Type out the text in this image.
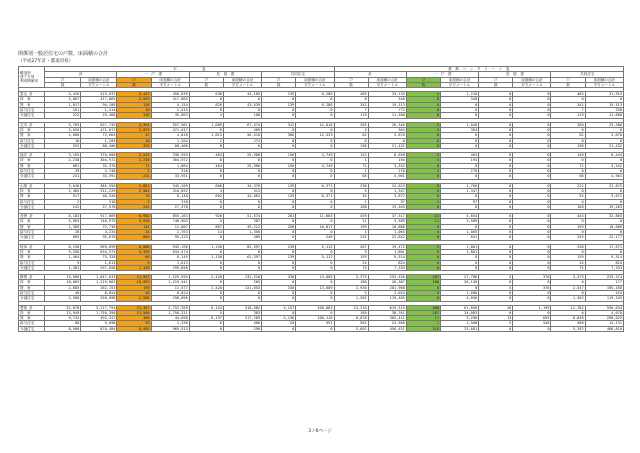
関係別一般居住宅の戸数、床面積の合計
（平成27年計・都道府県）
構造別
建て方別
利用関係別	木　　　　　　　 造								鉄　筋　コ　ン　ク　リ　ー　ト　造							
	計		一　戸　建		長　屋　建		共同住宅		計		一　戸　建		長　屋　建		共同住宅	
	戸	床面積の合計	戸	床面積の合計	戸	床面積の合計	戸	床面積の合計	戸	床面積の合計	戸	床面積の合計	戸	床面積の合計	戸	床面積の合計
	数	平方メートル	数	平方メートル	数	平方メートル	数	平方メートル	数	平方メートル	数	平方メートル	数	平方メートル	数	平方メートル

富山 計	4,416	519,037	3,447	456,839	630	44,105	139	6,286	469	33,133	4	1,210	0	0	465	31,915
持　家	3,067	417,865	3,059	417,865	0	0	0	0	8	348	8	348	0	0	0	0
貸　家	1,017	94,109	126	4,154	826	43,539	139	6,286	342	19,513	0	0	0	0	342	19,513
給与住宅	101	1,414	10	1,414	0	0	0	0	7	772	0	0	0	0	7	330
分譲住宅	222	25,468	318	35,803	4	108	0	0	119	11,500	0	0	0	0	119	11,600

石川 計	5,765	627,745	4,364	557,961	1,089	67,474	312	12,810	265	26,346	5	1,046	0	0	260	25,300
持　家	3,035	471,017	3,029	471,017	0	409	0	0	4	364	4	364	0	0	0	0
貸　家	1,600	72,664	47	4,818	1,015	56,518	306	12,333	62	3,670	0	0	0	0	62	3,670
給与住宅	16	1,204	10	1,204	2	274	0	0	0	0	0	0	0	0	0	0
分譲住宅	325	80,406	325	80,406	0	0	0	0	198	21,432	0	0	0	0	198	21,432

福井 計	3,165	370,680	2,525	336,955	484	25,986	156	4,749	142	8,658	3	464	0	0	140	8,444
持　家	2,230	304,972	2,230	304,972	0	0	0	0	1	194	1	194	0	0	0	0
貸　家	681	32,376	71	1,664	464	25,986	156	4,749	72	3,542	0	0	0	0	72	3,542
給与住宅	29	2,740	2	318	0	0	0	0	1	270	1	270	0	0	0	0
分譲住宅	241	33,591	241	33,591	0	0	0	0	68	4,901	0	0	0	0	68	4,901

山梨 計	3,646	385,956	2,861	345,209	606	34,376	139	6,371	230	24,623	8	1,760	0	0	222	22,875
持　家	2,485	311,229	2,581	310,852	4	313	0	0	5	1,347	5	1,347	0	0	0	0
貸　家	917	46,526	70	6,148	602	34,063	139	6,371	54	3,672	0	0	0	0	54	3,672
給与住宅	2	318	2	318	0	0	0	0	1	97	1	97	0	0	0	0
分譲住宅	242	27,578	242	27,578	0	0	0	0	168	19,203	0	0	0	0	168	19,203

長野 計	8,183	917,869	6,982	855,163	920	51,574	281	11,063	459	37,517	15	4,654	0	0	444	32,863
持　家	5,963	748,975	5,958	748,903	5	387	0	0	11	3,589	11	3,589	0	0	0	0
貸　家	1,389	72,736	154	12,807	867	49,212	258	10,817	199	10,686	0	0	0	0	199	10,686
給与住宅	26	4,234	14	2,763	14	1,350	0	0	4	1,065	4	1,065	0	0	0	0
分譲住宅	805	95,870	805	95,223	0	489	6	246	245	22,842	0	841	0	0	245	22,177

岐阜 計	8,150	969,699	6,880	942,190	1,150	82,597	139	5,112	267	19,472	9	1,801	0	0	258	17,671
持　家	5,356	634,574	5,356	634,574	0	0	0	0	9	1,801	9	1,801	0	0	0	0
貸　家	1,404	75,328	66	6,145	1,150	62,397	139	5,112	159	9,514	0	0	0	0	159	9,514
給与住宅	9	1,613	9	1,613	0	0	0	0	24	824	0	0	0	0	24	824
分譲住宅	1,381	297,858	1,449	299,858	0	0	0	0	75	7,333	0	0	0	0	75	7,333

静岡 計	15,566	1,647,033	12,957	1,529,594	2,420	132,210	330	13,809	3,375	253,536	107	27,786	5	376	3,373	225,374
持　家	10,063	1,219,662	10,063	1,219,441	0	265	0	0	180	26,307	180	26,130	0	0	0	177
貸　家	2,885	162,151	199	11,577	2,420	121,653	330	13,809	2,930	201,968	0	0	5	376	2,557	195,458
給与住宅	40	6,024	40	6,024	0	0	0	0	5	2,024	5	1,600	0	0	0	424
分譲住宅	2,588	258,098	2,588	258,098	0	0	0	0	1,303	119,485	0	4,056	0	0	1,303	119,345

愛知 計	32,678	3,117,794	23,367	2,752,359	6,154	318,582	3,157	100,883	13,210	619,515	408	61,856	18	1,195	12,782	556,634
持　家	13,949	1,750,390	13,908	1,750,311	5	383	0	0	189	38,761	187	34,083	0	0	0	4,678
貸　家	9,732	492,347	468	44,696	6,137	317,269	3,136	100,110	8,078	302,411	17	3,290	13	655	8,048	298,025
給与住宅	88	9,098	93	1,336	6	480	20	591	562	24,560	1	1,500	5	540	500	14,131
分譲住宅	8,500	870,484	8,909	965,513	0	290	0	0	5,602	456,451	210	23,681	0	0	5,392	468,810
3 / 6ページ
